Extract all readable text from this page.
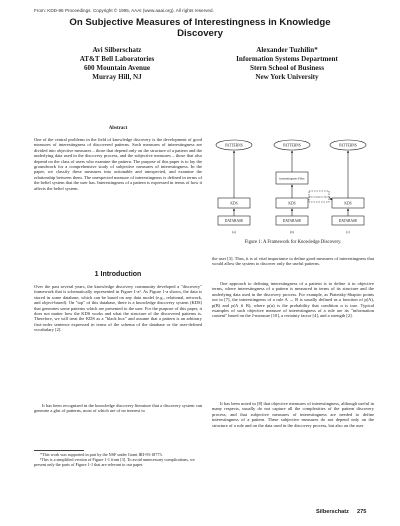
From: KDD-95 Proceedings. Copyright © 1995, AAAI (www.aaai.org). All rights reserved.
On Subjective Measures of Interestingness in Knowledge
Discovery
Avi Silberschatz
AT&T Bell Laboratories
600 Mountain Avenue
Murray Hill, NJ
Alexander Tuzhilin*
Information Systems Department
Stern School of Business
New York University
Abstract

One of the central problems in the field of knowledge discovery is the development of good measures of interestingness of discovered patterns. Such measures of interestingness are divided into objective measures – those that depend only on the structure of a pattern and the underlying data used in the discovery process, and the subjective measures – those that also depend on the class of users who examine the pattern. The purpose of this paper is to lay the groundwork for a comprehensive study of subjective measures of interestingness. In the paper, we classify these measures into actionable and unexpected, and examine the relationship between them. The unexpected measure of interestingness is defined in terms of the belief system that the user has. Interestingness of a pattern is expressed in terms of how it affects the belief system.

1 Introduction

Over the past several years, the knowledge discovery community developed a "discovery" framework that is schematically represented in Figure 1-a¹. As Figure 1-a shows, the data is stored in some database, which can be based on any data model (e.g., relational, network, and object-based). On "top" of this database, there is a knowledge discovery system (KDS) that generates some patterns which are presented to the user. For the purpose of this paper, it does not matter how the KDS works and what the structure of the discovered patterns is. Therefore, we will treat the KDS as a "black box" and assume that a pattern is an arbitrary first-order sentence expressed in terms of the schema of the database or the user-defined vocabulary [2].

It has been recognized in the knowledge discovery literature that a discovery system can generate a glut of patterns, most of which are of no interest to

*This work was supported in part by the NSF under Grant IRI-93-18773.
¹This is a simplified version of Figure 1-1 from [3]. To avoid unnecessary complications, we present only the parts of Figure 1-1 that are relevant to our paper.
PATTERNS
KDS
DATABASE
PATTERNS
Interestingness Filter
KDS
DATABASE
PATTERNS
Interestingness Specs
KDS
DATABASE
(a)	(b)	(c)
Figure 1: A Framework for Knowledge Discovery.

the user [3]. Thus, it is of vital importance to define good measures of interestingness that would allow the system to discover only the useful patterns.

One approach to defining interestingness of a pattern is to define it in objective terms, where interestingness of a pattern is measured in terms of its structure and the underlying data used in the discovery process. For example, as Piatetsky-Shapiro points out in [7], the interestingness of a rule A → B is usually defined as a function of p(A), p(B) and p(A ∧ B), where p(α) is the probability that condition α is true. Typical examples of such objective measure of interestingness of a rule are its "information content" based on the J-measure [10], a certainty factor [4], and a strength [2].

It has been noted in [8] that objective measures of interestingness, although useful in many respects, usually do not capture all the complexities of the pattern discovery process, and that subjective measures of interestingness are needed to define interestingness of a pattern. These subjective measures do not depend only on the structure of a rule and on the data used in the discovery process, but also on the user

Silberschatz 275
